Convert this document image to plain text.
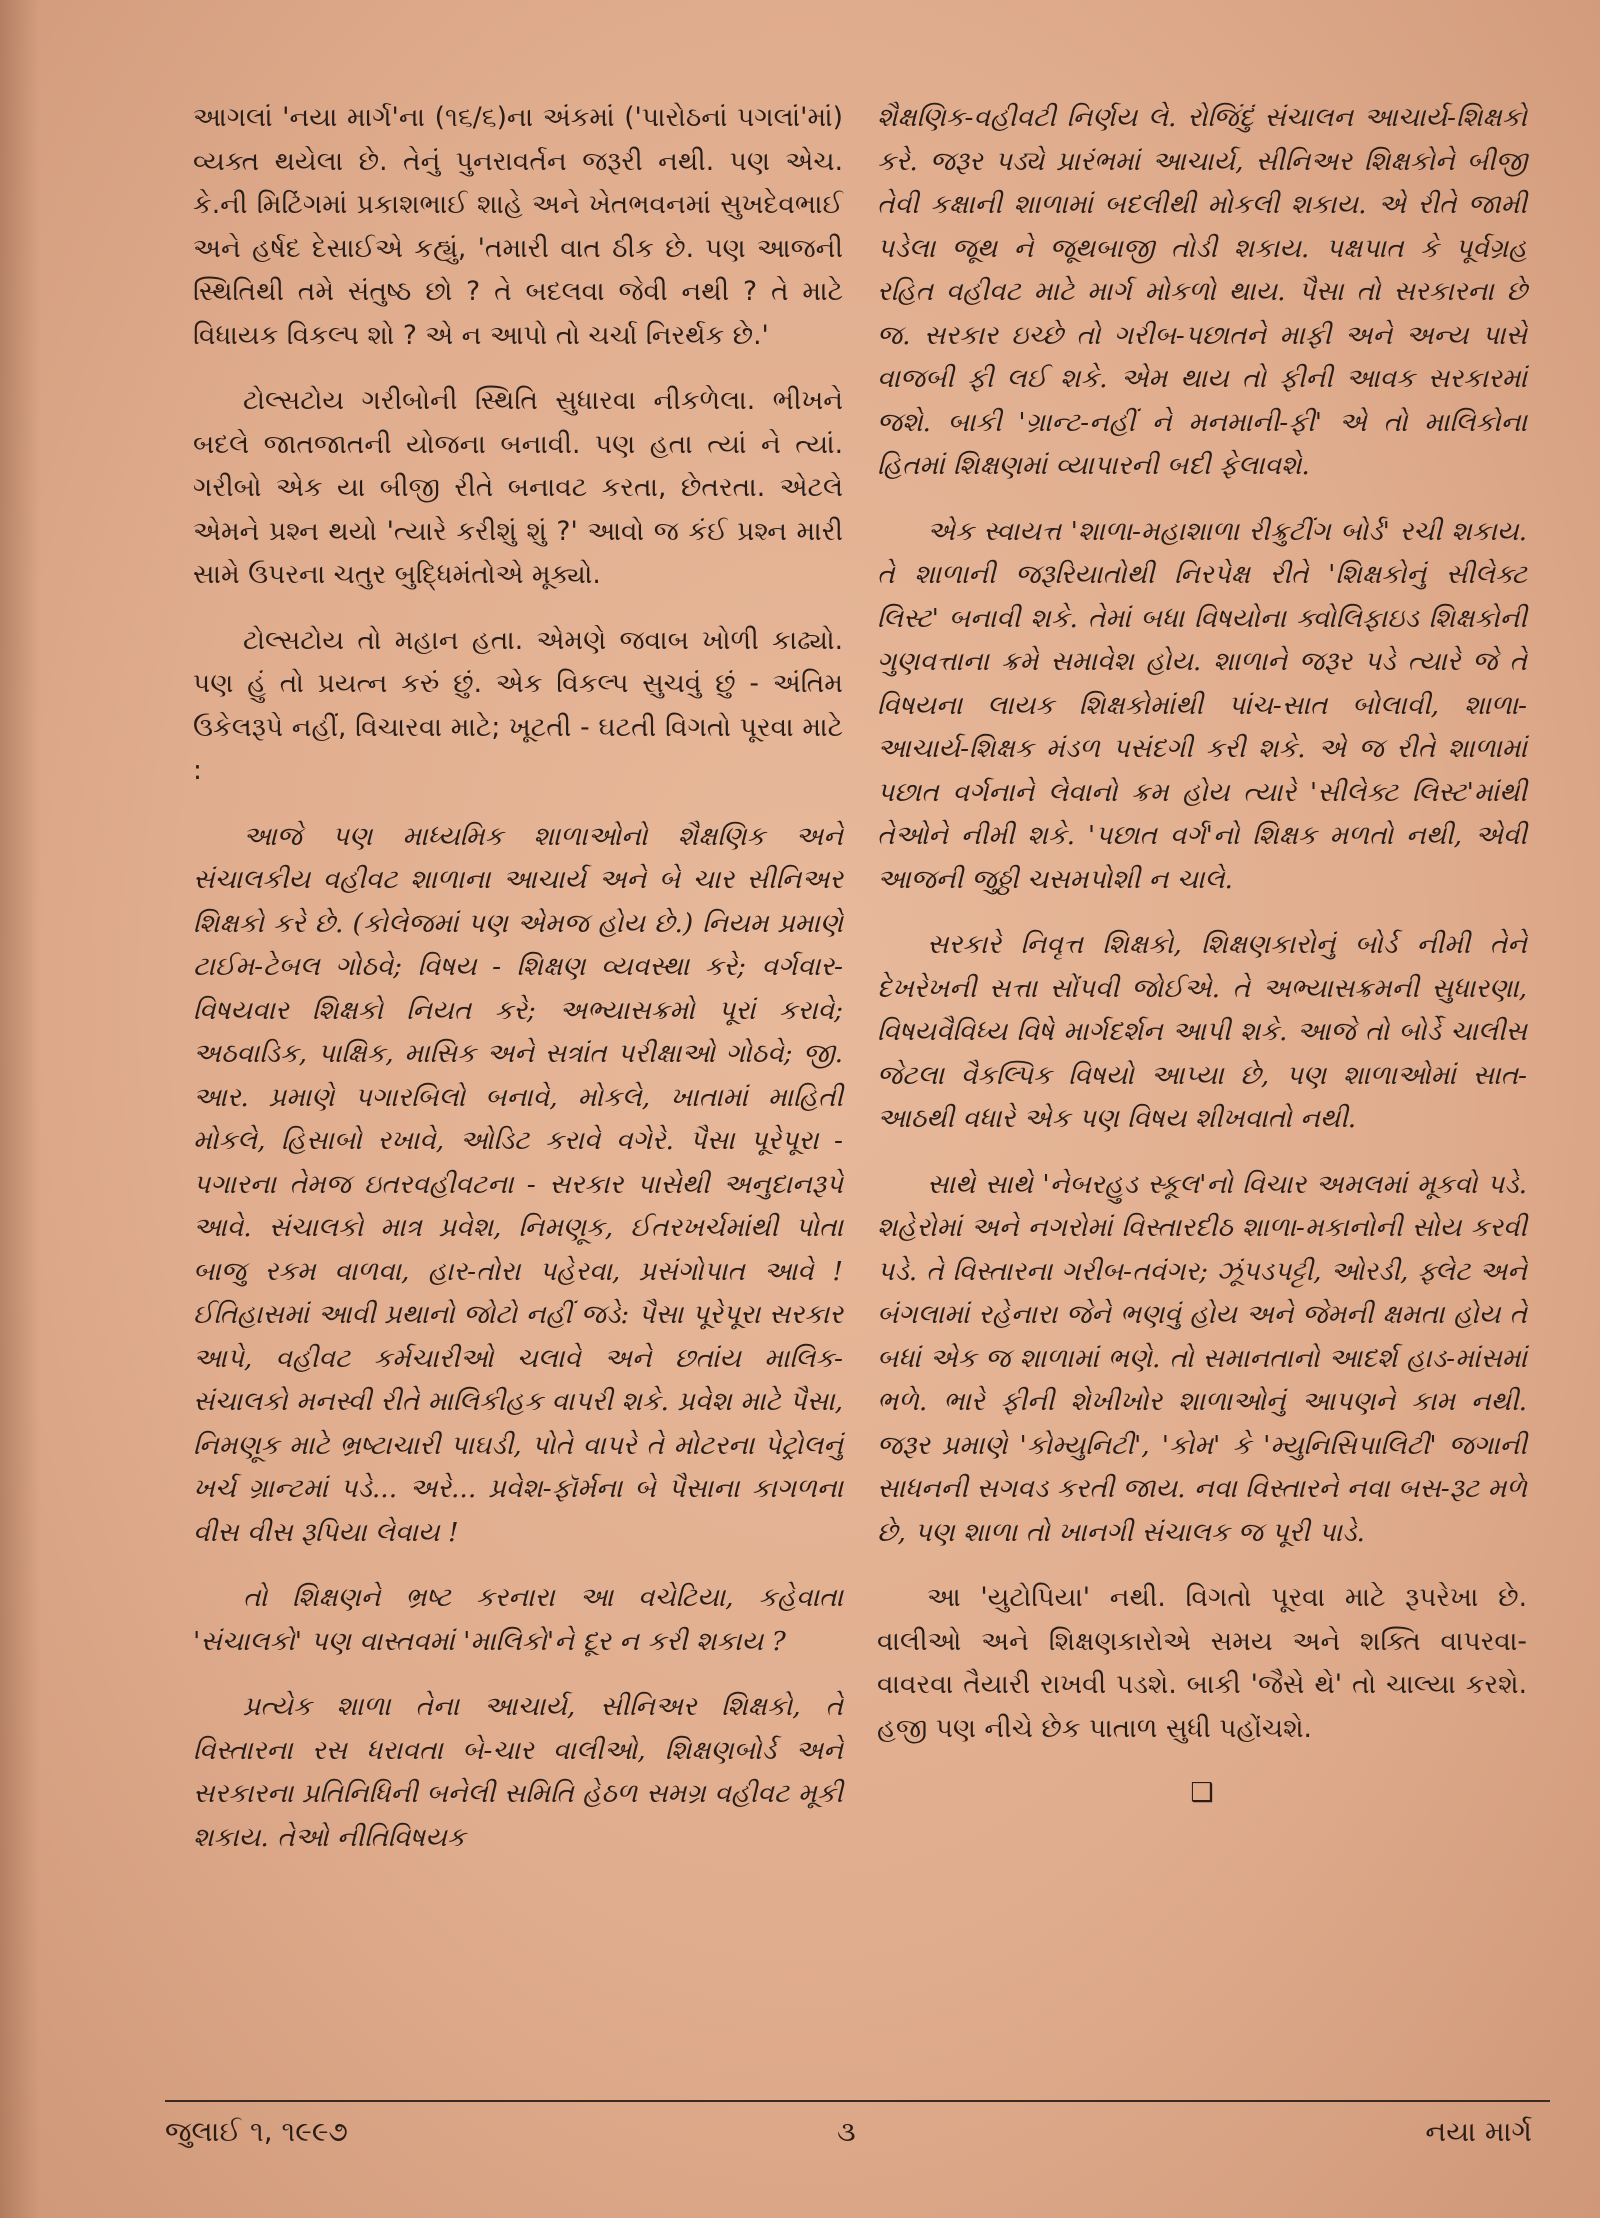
આગલાં 'નયા માર્ગ'ના (૧૬/૬)ના અંકમાં ('પારોઠનાં પગલાં'માં) વ્યક્ત થયેલા છે. તેનું પુનરાવર્તન જરૂરી નથી. પણ એચ. કે.ની મિટિંગમાં પ્રકાશભાઈ શાહે અને ખેતભવનમાં સુખદેવભાઈ અને હર્ષદ દેસાઈએ કહ્યું, 'તમારી વાત ઠીક છે. પણ આજની સ્થિતિથી તમે સંતુષ્ઠ છો ? તે બદલવા જેવી નથી ? તે માટે વિધાયક વિકલ્પ શો ? એ ન આપો તો ચર્ચા નિરર્થક છે.'

ટોલ્સટોય ગરીબોની સ્થિતિ સુધારવા નીકળેલા. ભીખને બદલે જાતજાતની યોજના બનાવી. પણ હતા ત્યાં ને ત્યાં. ગરીબો એક યા બીજી રીતે બનાવટ કરતા, છેતરતા. એટલે એમને પ્રશ્ન થયો 'ત્યારે કરીશું શું ?' આવો જ કંઈ પ્રશ્ન મારી સામે ઉપરના ચતુર બુદ્ધિમંતોએ મૂક્યો.

ટોલ્સટોય તો મહાન હતા. એમણે જવાબ ખોળી કાઢ્યો. પણ હું તો પ્રયત્ન કરું છું. એક વિકલ્પ સુચવું છું - અંતિમ ઉકેલરૂપે નહીં, વિચારવા માટે; ખૂટતી - ઘટતી વિગતો પૂરવા માટે :

આજે પણ માધ્યમિક શાળાઓનો શૈક્ષણિક અને સંચાલકીય વહીવટ શાળાના આચાર્ય અને બે ચાર સીનિઅર શિક્ષકો કરે છે. (કોલેજમાં પણ એમજ હોય છે.) નિયમ પ્રમાણે ટાઈમ-ટેબલ ગોઠવે; વિષય - શિક્ષણ વ્યવસ્થા કરે; વર્ગવાર-વિષયવાર શિક્ષકો નિયત કરે; અભ્યાસક્રમો પૂરાં કરાવે; અઠવાડિક, પાક્ષિક, માસિક અને સત્રાંત પરીક્ષાઓ ગોઠવે; જી. આર. પ્રમાણે પગારબિલો બનાવે, મોકલે, ખાતામાં માહિતી મોકલે, હિસાબો રખાવે, ઓડિટ કરાવે વગેરે. પૈસા પૂરેપૂરા - પગારના તેમજ ઇતરવહીવટના - સરકાર પાસેથી અનુદાનરૂપે આવે. સંચાલકો માત્ર પ્રવેશ, નિમણૂક, ઈતરખર્ચમાંથી પોતા બાજુ રકમ વાળવા, હાર-તોરા પહેરવા, પ્રસંગોપાત આવે ! ઈતિહાસમાં આવી પ્રથાનો જોટો નહીં જડે: પૈસા પૂરેપૂરા સરકાર આપે, વહીવટ કર્મચારીઓ ચલાવે અને છતાંય માલિક-સંચાલકો મનસ્વી રીતે માલિકીહક વાપરી શકે. પ્રવેશ માટે પૈસા, નિમણૂક માટે ભ્રષ્ટાચારી પાઘડી, પોતે વાપરે તે મોટરના પેટ્રોલનું ખર્ચ ગ્રાન્ટમાં પડે... અરે... પ્રવેશ-ફૉર્મના બે પૈસાના કાગળના વીસ વીસ રૂપિયા લેવાય !

તો શિક્ષણને ભ્રષ્ટ કરનારા આ વચેટિયા, કહેવાતા 'સંચાલકો' પણ વાસ્તવમાં 'માલિકો'ને દૂર ન કરી શકાય ?

પ્રત્યેક શાળા તેના આચાર્ય, સીનિઅર શિક્ષકો, તે વિસ્તારના રસ ધરાવતા બે-ચાર વાલીઓ, શિક્ષણબોર્ડ અને સરકારના પ્રતિનિધિની બનેલી સમિતિ હેઠળ સમગ્ર વહીવટ મૂકી શકાય. તેઓ નીતિવિષયક

શૈક્ષણિક-વહીવટી નિર્ણય લે. રોજિંદું સંચાલન આચાર્ય-શિક્ષકો કરે. જરૂર પડ્યે પ્રારંભમાં આચાર્ય, સીનિઅર શિક્ષકોને બીજી તેવી કક્ષાની શાળામાં બદલીથી મોકલી શકાય. એ રીતે જામી પડેલા જૂથ ને જૂથબાજી તોડી શકાય. પક્ષપાત કે પૂર્વગ્રહ રહિત વહીવટ માટે માર્ગ મોકળો થાય. પૈસા તો સરકારના છે જ. સરકાર ઇચ્છે તો ગરીબ-પછાતને માફી અને અન્ય પાસે વાજબી ફી લઈ શકે. એમ થાય તો ફીની આવક સરકારમાં જશે. બાકી 'ગ્રાન્ટ-નહીં ને મનમાની-ફી' એ તો માલિકોના હિતમાં શિક્ષણમાં વ્યાપારની બદી ફેલાવશે.

એક સ્વાયત્ત 'શાળા-મહાશાળા રીક્રુટીંગ બોર્ડ' રચી શકાય. તે શાળાની જરૂરિયાતોથી નિરપેક્ષ રીતે 'શિક્ષકોનું સીલેક્ટ લિસ્ટ' બનાવી શકે. તેમાં બધા વિષયોના ક્વોલિફાઇડ શિક્ષકોની ગુણવત્તાના ક્રમે સમાવેશ હોય. શાળાને જરૂર પડે ત્યારે જે તે વિષયના લાયક શિક્ષકોમાંથી પાંચ-સાત બોલાવી, શાળા-આચાર્ય-શિક્ષક મંડળ પસંદગી કરી શકે. એ જ રીતે શાળામાં પછાત વર્ગનાને લેવાનો ક્રમ હોય ત્યારે 'સીલેક્ટ લિસ્ટ'માંથી તેઓને નીમી શકે. 'પછાત વર્ગ'નો શિક્ષક મળતો નથી, એવી આજની જુઠ્ઠી ચસમપોશી ન ચાલે.

સરકારે નિવૃત્ત શિક્ષકો, શિક્ષણકારોનું બોર્ડ નીમી તેને દેખરેખની સત્તા સોંપવી જોઈએ. તે અભ્યાસક્રમની સુધારણા, વિષયવૈવિધ્ય વિષે માર્ગદર્શન આપી શકે. આજે તો બોર્ડે ચાલીસ જેટલા વૈકલ્પિક વિષયો આપ્યા છે, પણ શાળાઓમાં સાત-આઠથી વધારે એક પણ વિષય શીખવાતો નથી.

સાથે સાથે 'નેબરહુડ સ્કૂલ'નો વિચાર અમલમાં મૂકવો પડે. શહેરોમાં અને નગરોમાં વિસ્તારદીઠ શાળા-મકાનોની સોય કરવી પડે. તે વિસ્તારના ગરીબ-તવંગર; ઝૂંપડપટ્ટી, ઓરડી, ફ્લેટ અને બંગલામાં રહેનારા જેને ભણવું હોય અને જેમની ક્ષમતા હોય તે બધાં એક જ શાળામાં ભણે. તો સમાનતાનો આદર્શ હાડ-માંસમાં ભળે. ભારે ફીની શેખીખોર શાળાઓનું આપણને કામ નથી. જરૂર પ્રમાણે 'કોમ્યુનિટી', 'કોમ' કે 'મ્યુનિસિપાલિટી' જગાની સાધનની સગવડ કરતી જાય. નવા વિસ્તારને નવા બસ-રૂટ મળે છે, પણ શાળા તો ખાનગી સંચાલક જ પૂરી પાડે.

આ 'યુટોપિયા' નથી. વિગતો પૂરવા માટે રૂપરેખા છે. વાલીઓ અને શિક્ષણકારોએ સમય અને શક્તિ વાપરવા-વાવરવા તૈયારી રાખવી પડશે. બાકી 'જૈસે થે' તો ચાલ્યા કરશે. હજી પણ નીચે છેક પાતાળ સુધી પહોંચશે.

❑
જુલાઈ ૧, ૧૯૯૭	૩	નયા માર્ગ
